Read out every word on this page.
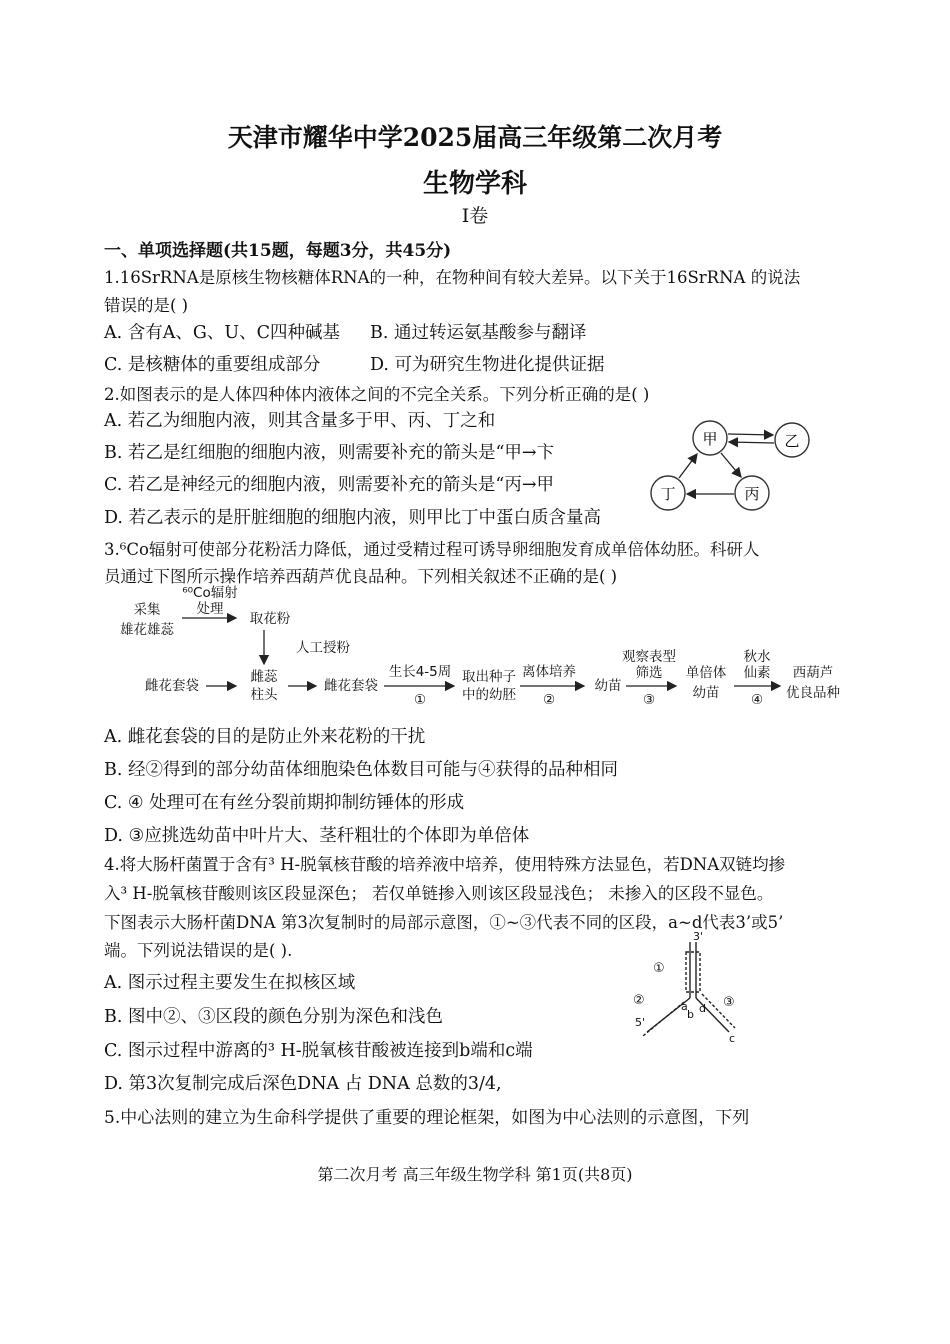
天津市耀华中学2025届高三年级第二次月考
生物学科
I卷
一、单项选择题(共15题，每题3分，共45分)
1.16SrRNA是原核生物核糖体RNA的一种，在物种间有较大差异。以下关于16SrRNA 的说法
错误的是( )
A. 含有A、G、U、C四种碱基 B. 通过转运氨基酸参与翻译
C. 是核糖体的重要组成部分	D. 可为研究生物进化提供证据
2.如图表示的是人体四种体内液体之间的不完全关系。下列分析正确的是( )
A. 若乙为细胞内液，则其含量多于甲、丙、丁之和
B. 若乙是红细胞的细胞内液，则需要补充的箭头是“甲→卞
C. 若乙是神经元的细胞内液，则需要补充的箭头是“丙→甲
D. 若乙表示的是肝脏细胞的细胞内液，则甲比丁中蛋白质含量高
甲	乙
丁	丙
3.⁶Co辐射可使部分花粉活力降低，通过受精过程可诱导卵细胞发育成单倍体幼胚。科研人
员通过下图所示操作培养西葫芦优良品种。下列相关叙述不正确的是( )
采集
雄花雄蕊
⁶⁰Co辐射
处理
取花粉
人工授粉
雌花套袋
雌蕊
柱头
雌花套袋
生长4-5周
①
取出种子
中的幼胚
离体培养
②
幼苗
观察表型
筛选
③
单倍体
幼苗
秋水
仙素
④
西葫芦
优良品种
A. 雌花套袋的目的是防止外来花粉的干扰
B. 经②得到的部分幼苗体细胞染色体数目可能与④获得的品种相同
C. ④ 处理可在有丝分裂前期抑制纺锤体的形成
D. ③应挑选幼苗中叶片大、茎秆粗壮的个体即为单倍体
4.将大肠杆菌置于含有³ H-脱氧核苷酸的培养液中培养，使用特殊方法显色，若DNA双链均掺
入³ H-脱氧核苷酸则该区段显深色； 若仅单链掺入则该区段显浅色； 未掺入的区段不显色。
下图表示大肠杆菌DNA 第3次复制时的局部示意图，①~③代表不同的区段，a~d代表3’或5’
端。下列说法错误的是( ).
A. 图示过程主要发生在拟核区域
B. 图中②、③区段的颜色分别为深色和浅色
C. 图示过程中游离的³ H-脱氧核苷酸被连接到b端和c端
D. 第3次复制完成后深色DNA 占 DNA 总数的3/4,
3'
5'
a
b
c
d
①
②	③
5.中心法则的建立为生命科学提供了重要的理论框架，如图为中心法则的示意图，下列
第二次月考 高三年级生物学科 第1页(共8页)
